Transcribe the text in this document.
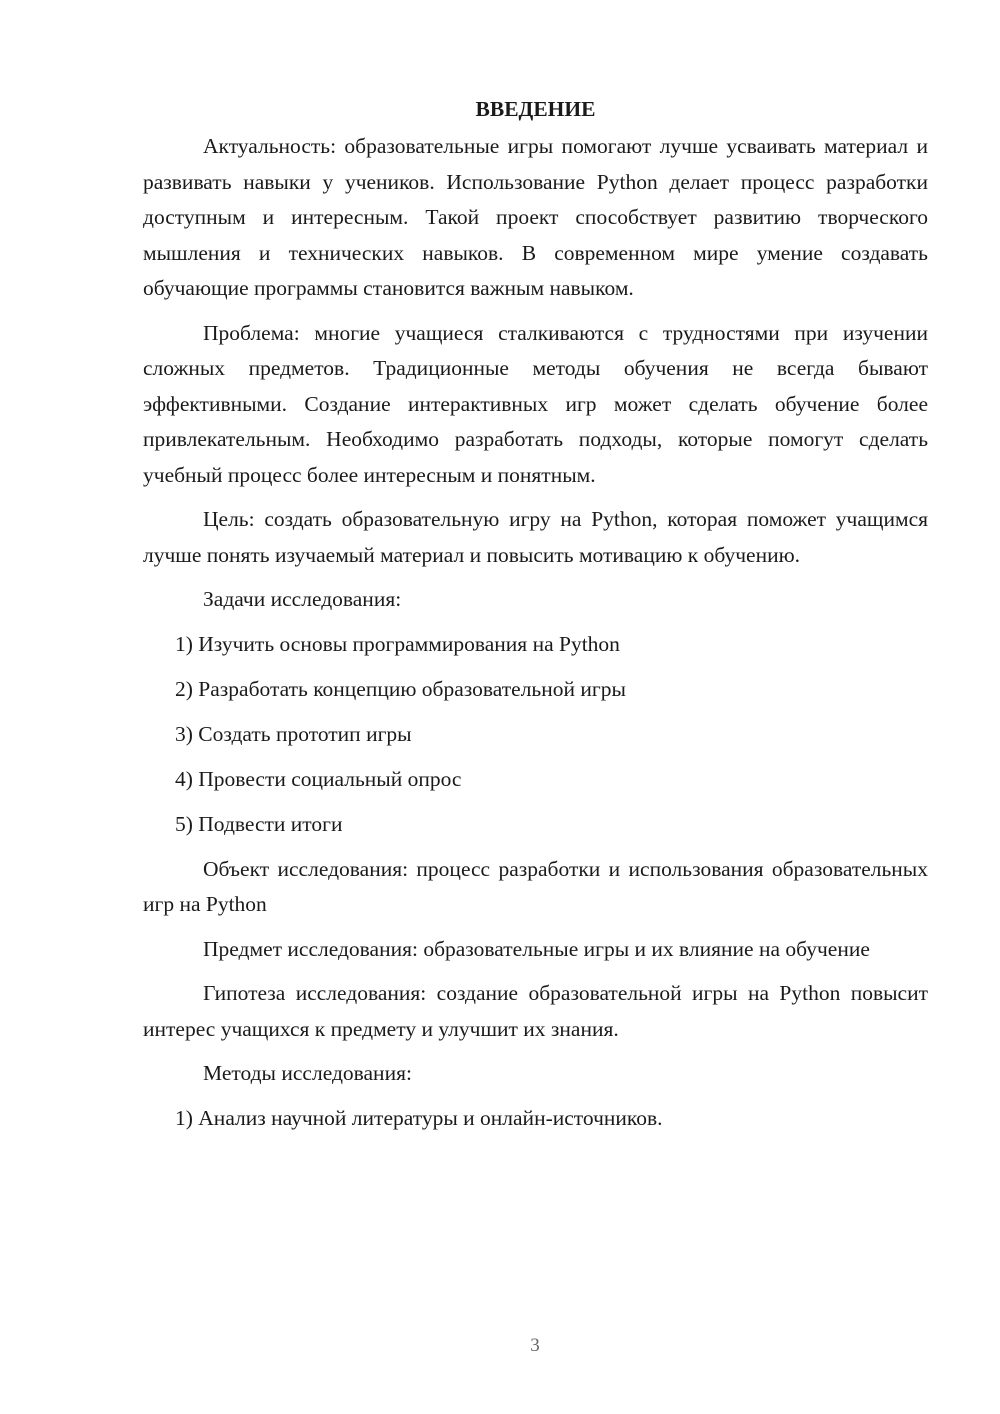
ВВЕДЕНИЕ
Актуальность: образовательные игры помогают лучше усваивать материал и развивать навыки у учеников. Использование Python делает процесс разработки доступным и интересным. Такой проект способствует развитию творческого мышления и технических навыков. В современном мире умение создавать обучающие программы становится важным навыком.
Проблема: многие учащиеся сталкиваются с трудностями при изучении сложных предметов. Традиционные методы обучения не всегда бывают эффективными. Создание интерактивных игр может сделать обучение более привлекательным. Необходимо разработать подходы, которые помогут сделать учебный процесс более интересным и понятным.
Цель: создать образовательную игру на Python, которая поможет учащимся лучше понять изучаемый материал и повысить мотивацию к обучению.
Задачи исследования:
1) Изучить основы программирования на Python
2) Разработать концепцию образовательной игры
3) Создать прототип игры
4) Провести социальный опрос
5) Подвести итоги
Объект исследования: процесс разработки и использования образовательных игр на Python
Предмет исследования: образовательные игры и их влияние на обучение
Гипотеза исследования: создание образовательной игры на Python повысит интерес учащихся к предмету и улучшит их знания.
Методы исследования:
1) Анализ научной литературы и онлайн-источников.
3
